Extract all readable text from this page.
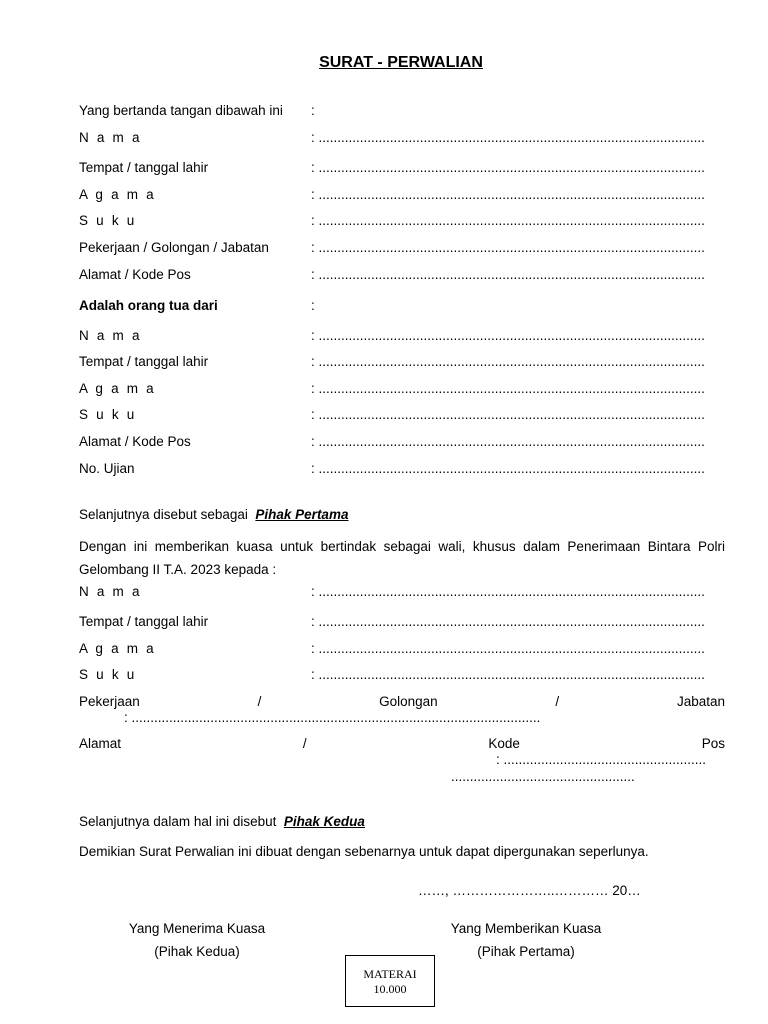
SURAT - PERWALIAN
Yang bertanda tangan dibawah ini :
N a m a	: .......................................................................................................
Tempat / tanggal lahir	: .......................................................................................................
A g a m a	: .......................................................................................................
S u k u	: .......................................................................................................
Pekerjaan / Golongan / Jabatan	: .......................................................................................................
Alamat / Kode Pos	: .......................................................................................................
Adalah orang tua dari	:
N a m a	: .......................................................................................................
Tempat / tanggal lahir	: .......................................................................................................
A g a m a	: .......................................................................................................
S u k u	: .......................................................................................................
Alamat / Kode Pos	: .......................................................................................................
No. Ujian	: .......................................................................................................
Selanjutnya disebut sebagai Pihak Pertama
Dengan ini memberikan kuasa untuk bertindak sebagai wali, khusus dalam Penerimaan Bintara Polri Gelombang II T.A. 2023 kepada :
N a m a	: .......................................................................................................
Tempat / tanggal lahir	: .......................................................................................................
A g a m a	: .......................................................................................................
S u k u	: .......................................................................................................
Pekerjaan	/	Golongan	/	Jabatan
: .............................................................................................................
Alamat	/	Kode	Pos
: ......................................................
.................................................
Selanjutnya dalam hal ini disebut Pihak Kedua
Demikian Surat Perwalian ini dibuat dengan sebenarnya untuk dapat dipergunakan seperlunya.
……, …………………..………… 20…
Yang Menerima Kuasa
(Pihak Kedua)
Yang Memberikan Kuasa
(Pihak Pertama)
MATERAI
10.000
